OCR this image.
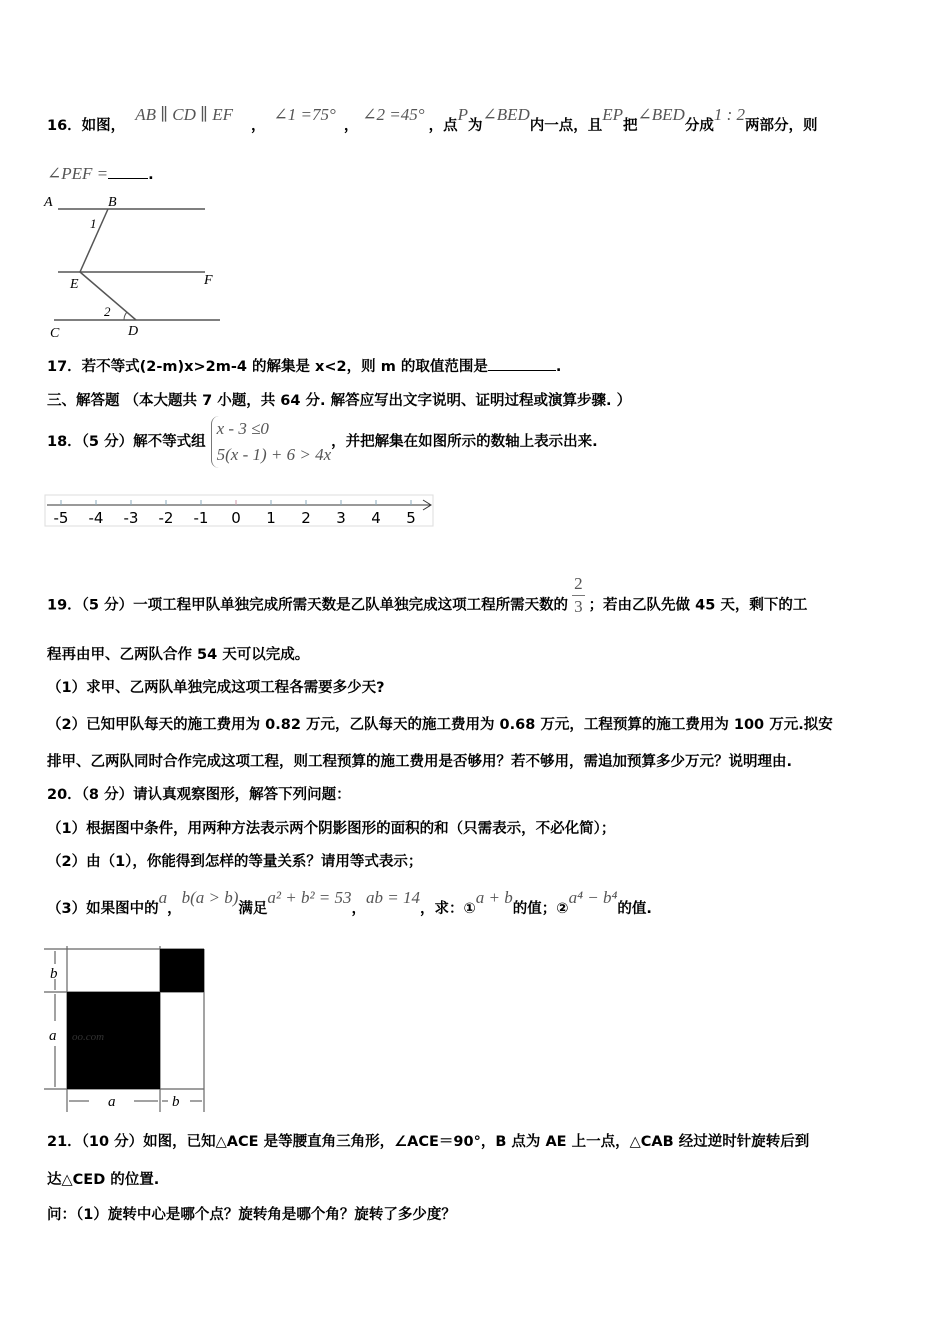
16．如图，AB ∥ CD ∥ EF，∠1 =75°，∠2 =45°，点P为∠BED内一点，且EP把∠BED分成1 : 2两部分，则
∠PEF =	.
A	B
1
E	F
2
C	D
17．若不等式(2-m)x>2m-4 的解集是 x<2，则 m 的取值范围是	.
三、解答题 （本大题共 7 小题，共 64 分. 解答应写出文字说明、证明过程或演算步骤. ）
18．（5 分）解不等式组 x - 3 ≤0
5(x - 1) + 6 > 4x，并把解集在如图所示的数轴上表示出来.
-5 -4 -3 -2 -1 0 1 2 3 4 5
19．（5 分）一项工程甲队单独完成所需天数是乙队单独完成这项工程所需天数的 $\frac{2}{3}$ ；若由乙队先做 45 天，剩下的工
程再由甲、乙两队合作 54 天可以完成。
（1）求甲、乙两队单独完成这项工程各需要多少天?
（2）已知甲队每天的施工费用为 0.82 万元，乙队每天的施工费用为 0.68 万元，工程预算的施工费用为 100 万元.拟安
排甲、乙两队同时合作完成这项工程，则工程预算的施工费用是否够用？若不够用，需追加预算多少万元？说明理由.
20．（8 分）请认真观察图形，解答下列问题：
（1）根据图中条件，用两种方法表示两个阴影图形的面积的和（只需表示，不必化简）；
（2）由（1），你能得到怎样的等量关系？请用等式表示；
（3）如果图中的a，b(a > b)满足a² + b² = 53，ab = 14，求：①a + b的值；②a⁴ − b⁴的值.
b
a oo.com
a	b
21．（10 分）如图，已知△ACE 是等腰直角三角形，∠ACE＝90°，B 点为 AE 上一点，△CAB 经过逆时针旋转后到
达△CED 的位置.
问：（1）旋转中心是哪个点？旋转角是哪个角？旋转了多少度？
